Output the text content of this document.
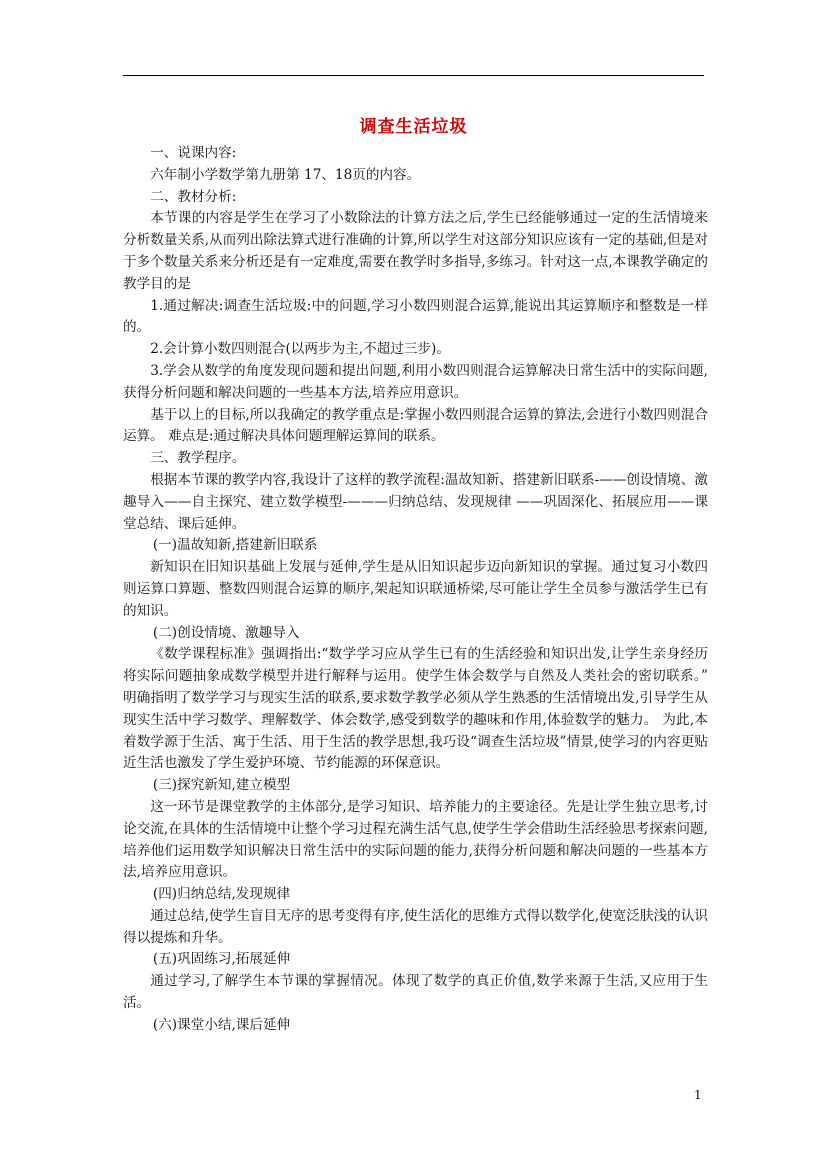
调查生活垃圾

一、说课内容:

六年制小学数学第九册第 17、18页的内容。

二、教材分析:

本节课的内容是学生在学习了小数除法的计算方法之后,学生已经能够通过一定的生活情境来分析数量关系,从而列出除法算式进行准确的计算,所以学生对这部分知识应该有一定的基础,但是对于多个数量关系来分析还是有一定难度,需要在教学时多指导,多练习。针对这一点,本课教学确定的教学目的是

1.通过解决:调查生活垃圾:中的问题,学习小数四则混合运算,能说出其运算顺序和整数是一样的。

2.会计算小数四则混合(以两步为主,不超过三步)。

3.学会从数学的角度发现问题和提出问题,利用小数四则混合运算解决日常生活中的实际问题,获得分析问题和解决问题的一些基本方法,培养应用意识。

基于以上的目标,所以我确定的教学重点是:掌握小数四则混合运算的算法,会进行小数四则混合运算。 难点是:通过解决具体问题理解运算间的联系。

三、教学程序。

根据本节课的教学内容,我设计了这样的教学流程:温故知新、搭建新旧联系-——创设情境、激趣导入——自主探究、建立数学模型-———归纳总结、发现规律 ——巩固深化、拓展应用——课堂总结、课后延伸。

(一)温故知新,搭建新旧联系

新知识在旧知识基础上发展与延伸,学生是从旧知识起步迈向新知识的掌握。通过复习小数四则运算口算题、整数四则混合运算的顺序,架起知识联通桥梁,尽可能让学生全员参与激活学生已有的知识。

(二)创设情境、激趣导入

《数学课程标准》强调指出:“数学学习应从学生已有的生活经验和知识出发,让学生亲身经历将实际问题抽象成数学模型并进行解释与运用。使学生体会数学与自然及人类社会的密切联系。” 明确指明了数学学习与现实生活的联系,要求数学教学必须从学生熟悉的生活情境出发,引导学生从现实生活中学习数学、理解数学、体会数学,感受到数学的趣味和作用,体验数学的魅力。 为此,本着数学源于生活、寓于生活、用于生活的教学思想,我巧设“调查生活垃圾”情景,使学习的内容更贴近生活也激发了学生爱护环境、节约能源的环保意识。

(三)探究新知,建立模型

这一环节是课堂教学的主体部分,是学习知识、培养能力的主要途径。先是让学生独立思考,讨论交流,在具体的生活情境中让整个学习过程充满生活气息,使学生学会借助生活经验思考探索问题,培养他们运用数学知识解决日常生活中的实际问题的能力,获得分析问题和解决问题的一些基本方法,培养应用意识。

(四)归纳总结,发现规律

通过总结,使学生盲目无序的思考变得有序,使生活化的思维方式得以数学化,使宽泛肤浅的认识得以提炼和升华。

(五)巩固练习,拓展延伸

通过学习,了解学生本节课的掌握情况。体现了数学的真正价值,数学来源于生活,又应用于生活。

(六)课堂小结,课后延伸

1
